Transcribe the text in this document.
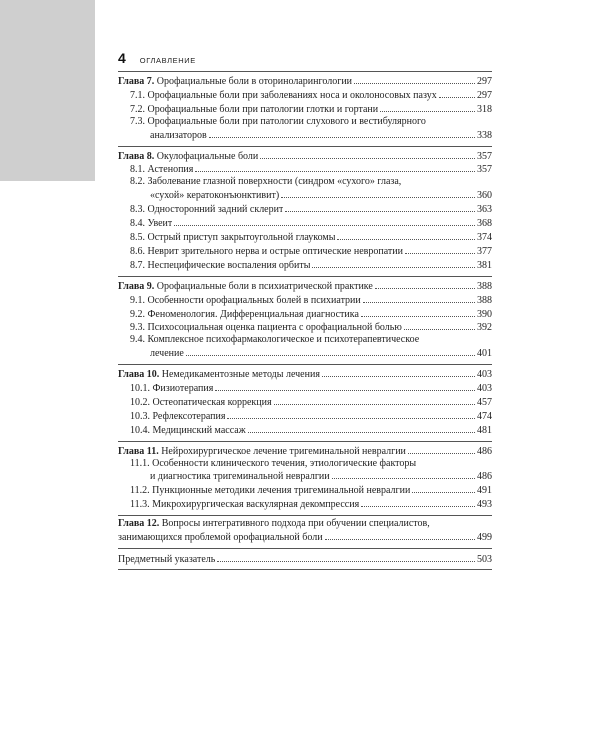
4 ОГЛАВЛЕНИЕ
Глава 7. Орофациальные боли в оториноларингологии	297
7.1. Орофациальные боли при заболеваниях носа и околоносовых пазух	297
7.2. Орофациальные боли при патологии глотки и гортани	318
7.3. Орофациальные боли при патологии слухового и вестибулярного
анализаторов	338
Глава 8. Окулофациальные боли	357
8.1. Астенопия	357
8.2. Заболевание глазной поверхности (синдром «сухого» глаза,
«сухой» кератоконъюнктивит)	360
8.3. Односторонний задний склерит	363
8.4. Увеит	368
8.5. Острый приступ закрытоугольной глаукомы	374
8.6. Неврит зрительного нерва и острые оптические невропатии	377
8.7. Неспецифические воспаления орбиты	381
Глава 9. Орофациальные боли в психиатрической практике	388
9.1. Особенности орофациальных болей в психиатрии	388
9.2. Феноменология. Дифференциальная диагностика	390
9.3. Психосоциальная оценка пациента с орофациальной болью	392
9.4. Комплексное психофармакологическое и психотерапевтическое
лечение	401
Глава 10. Немедикаментозные методы лечения	403
10.1. Физиотерапия	403
10.2. Остеопатическая коррекция	457
10.3. Рефлексотерапия	474
10.4. Медицинский массаж	481
Глава 11. Нейрохирургическое лечение тригеминальной невралгии	486
11.1. Особенности клинического течения, этиологические факторы
и диагностика тригеминальной невралгии	486
11.2. Пункционные методики лечения тригеминальной невралгии	491
11.3. Микрохирургическая васкулярная декомпрессия	493
Глава 12. Вопросы интегративного подхода при обучении специалистов,
занимающихся проблемой орофациальной боли	499
Предметный указатель	503
